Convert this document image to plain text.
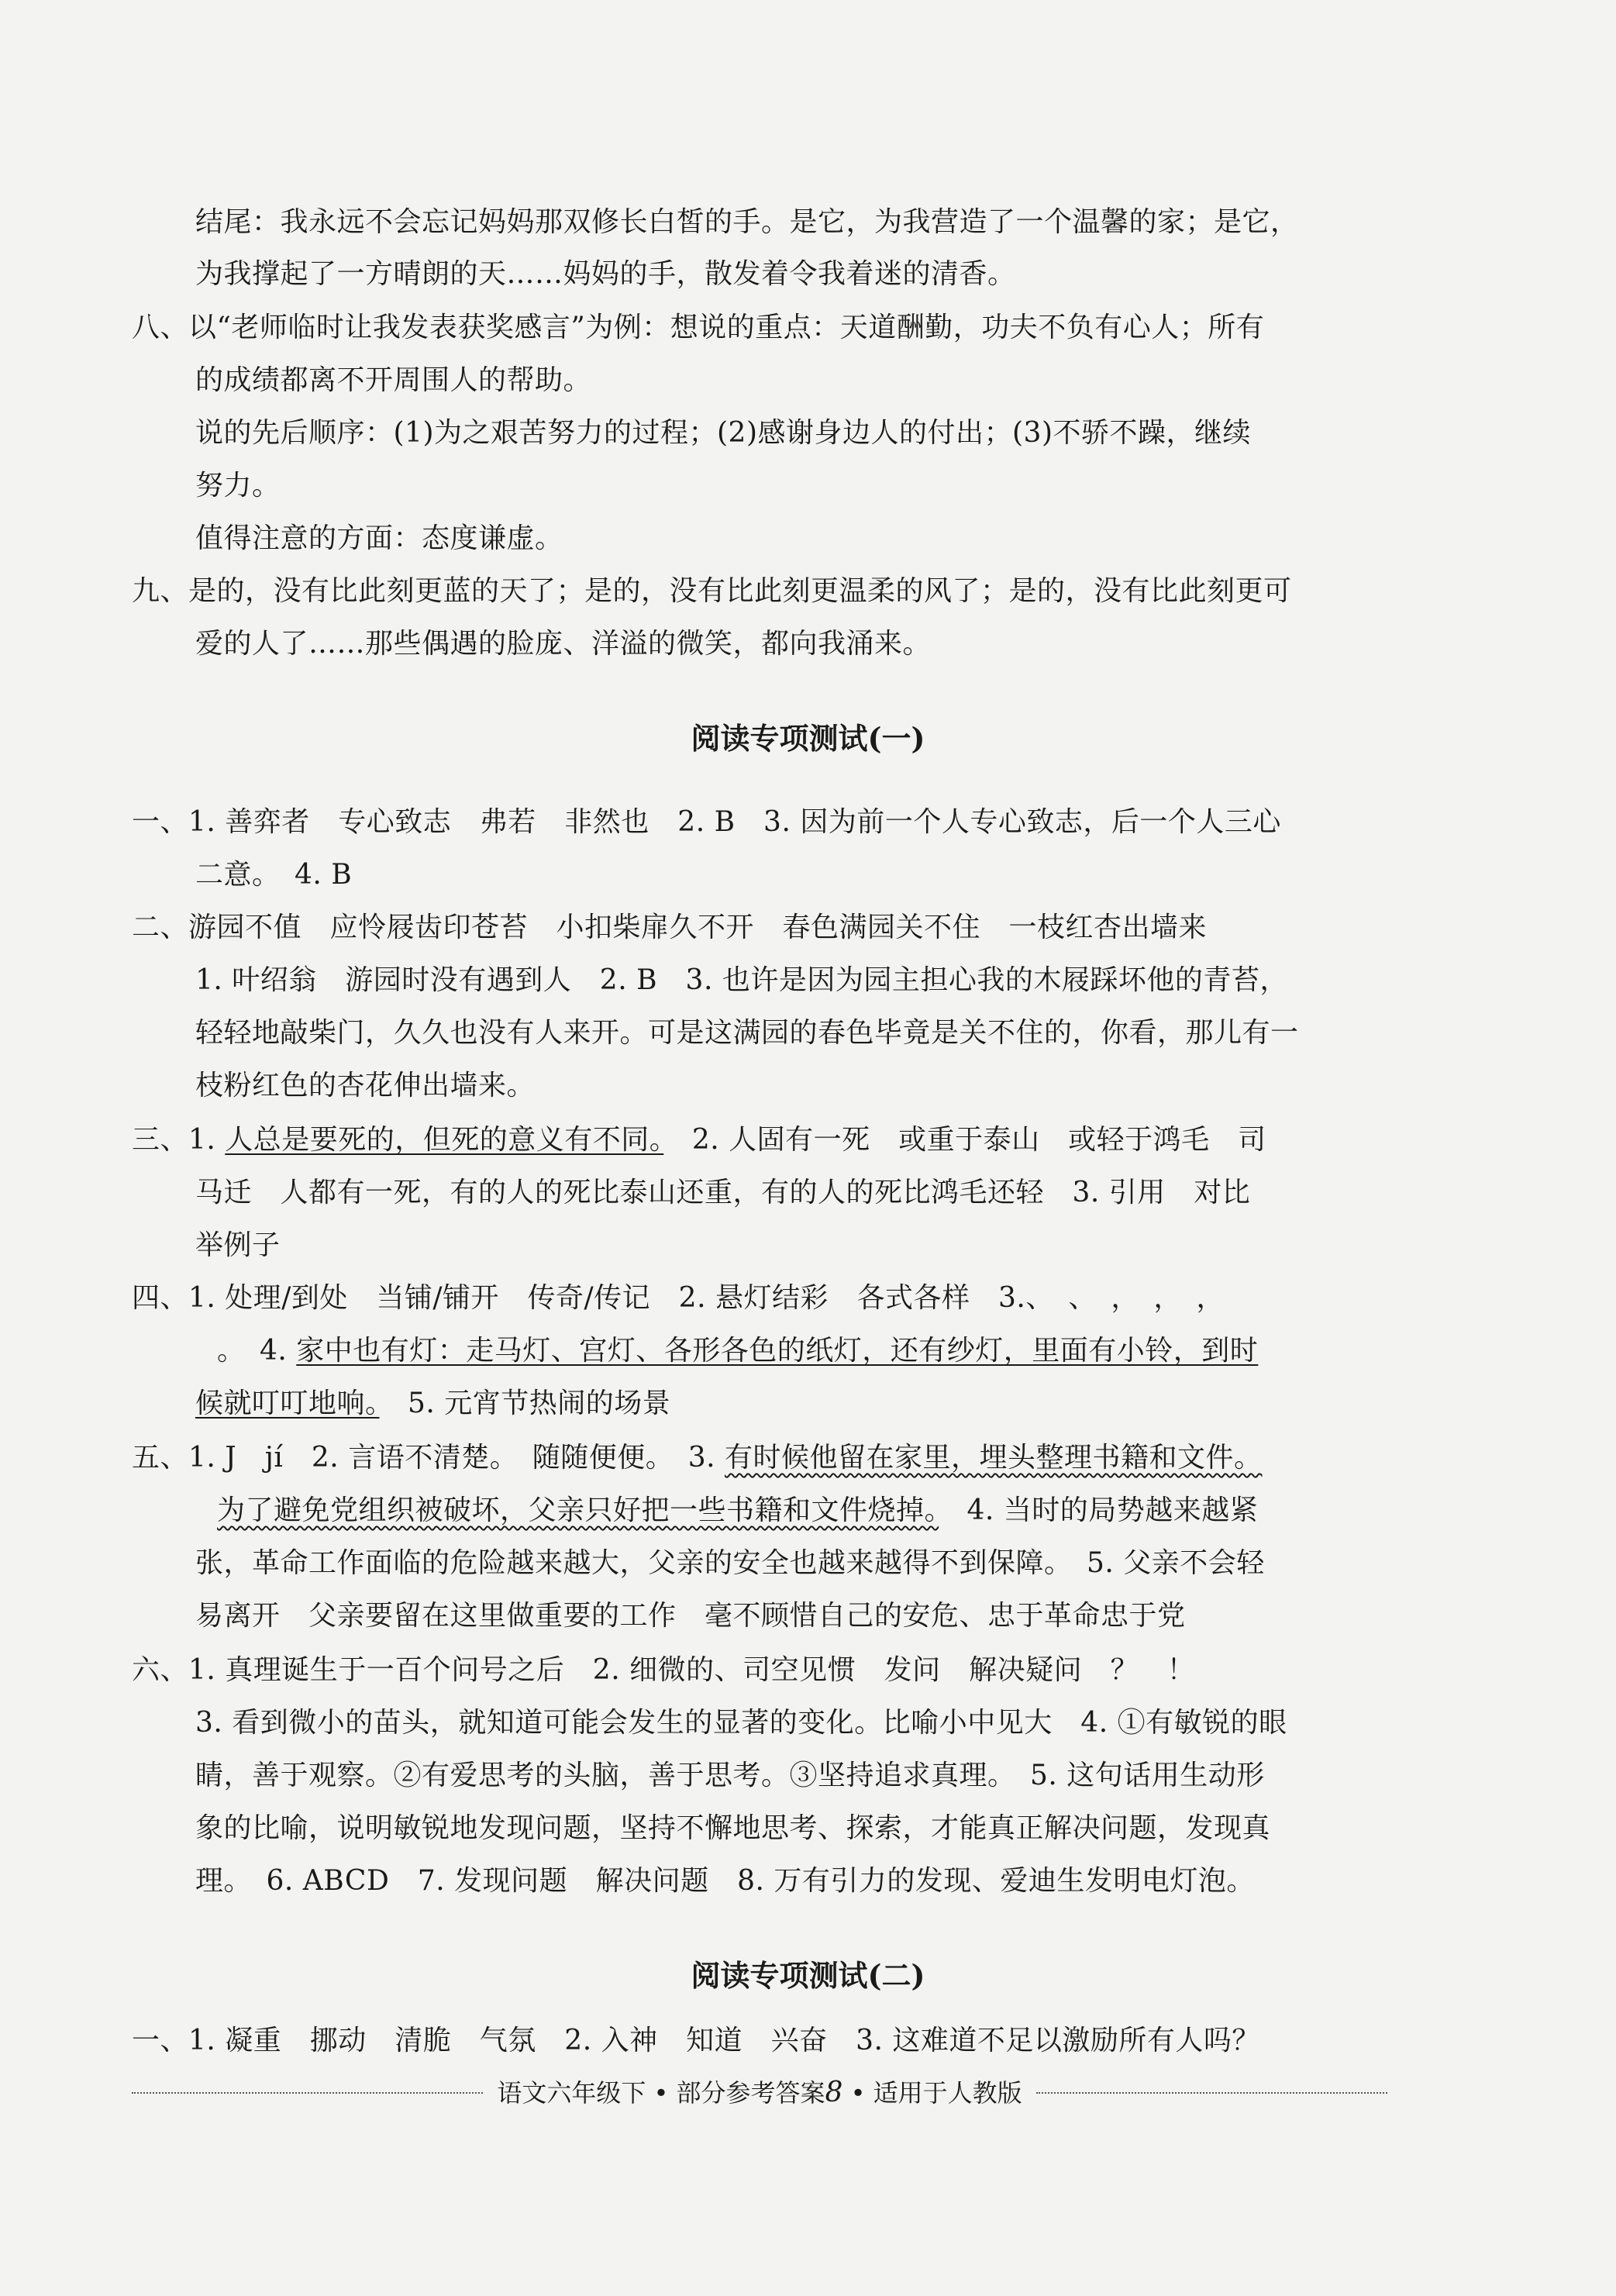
结尾：我永远不会忘记妈妈那双修长白皙的手。是它，为我营造了一个温馨的家；是它，
为我撑起了一方晴朗的天……妈妈的手，散发着令我着迷的清香。
八、以“老师临时让我发表获奖感言”为例：想说的重点：天道酬勤，功夫不负有心人；所有
的成绩都离不开周围人的帮助。
说的先后顺序：(1)为之艰苦努力的过程；(2)感谢身边人的付出；(3)不骄不躁，继续
努力。
值得注意的方面：态度谦虚。
九、是的，没有比此刻更蓝的天了；是的，没有比此刻更温柔的风了；是的，没有比此刻更可
爱的人了……那些偶遇的脸庞、洋溢的微笑，都向我涌来。
阅读专项测试(一)
一、1. 善弈者　专心致志　弗若　非然也　2. B　3. 因为前一个人专心致志，后一个人三心
二意。　4. B
二、游园不值　应怜屐齿印苍苔　小扣柴扉久不开　春色满园关不住　一枝红杏出墙来
1. 叶绍翁　游园时没有遇到人　2. B　3. 也许是因为园主担心我的木屐踩坏他的青苔，
轻轻地敲柴门，久久也没有人来开。可是这满园的春色毕竟是关不住的，你看，那儿有一
枝粉红色的杏花伸出墙来。
三、1. 人总是要死的，但死的意义有不同。　2. 人固有一死　或重于泰山　或轻于鸿毛　司
马迁　人都有一死，有的人的死比泰山还重，有的人的死比鸿毛还轻　3. 引用　对比
举例子
四、1. 处理/到处　当铺/铺开　传奇/传记　2. 悬灯结彩　各式各样　3.、　、　，　，　，
。　4. 家中也有灯：走马灯、宫灯、各形各色的纸灯，还有纱灯，里面有小铃，到时
候就叮叮地响。　5. 元宵节热闹的场景
五、1. J　jí　2. 言语不清楚。　随随便便。　3. 有时候他留在家里，埋头整理书籍和文件。
为了避免党组织被破坏，父亲只好把一些书籍和文件烧掉。　4. 当时的局势越来越紧
张，革命工作面临的危险越来越大，父亲的安全也越来越得不到保障。　5. 父亲不会轻
易离开　父亲要留在这里做重要的工作　毫不顾惜自己的安危、忠于革命忠于党
六、1. 真理诞生于一百个问号之后　2. 细微的、司空见惯　发问　解决疑问　？　！
3. 看到微小的苗头，就知道可能会发生的显著的变化。比喻小中见大　4. ①有敏锐的眼
睛，善于观察。②有爱思考的头脑，善于思考。③坚持追求真理。　5. 这句话用生动形
象的比喻，说明敏锐地发现问题，坚持不懈地思考、探索，才能真正解决问题，发现真
理。　6. ABCD　7. 发现问题　解决问题　8. 万有引力的发现、爱迪生发明电灯泡。
阅读专项测试(二)
一、1. 凝重　挪动　清脆　气氛　2. 入神　知道　兴奋　3. 这难道不足以激励所有人吗？
语文六年级下 • 部分参考答案8 • 适用于人教版
